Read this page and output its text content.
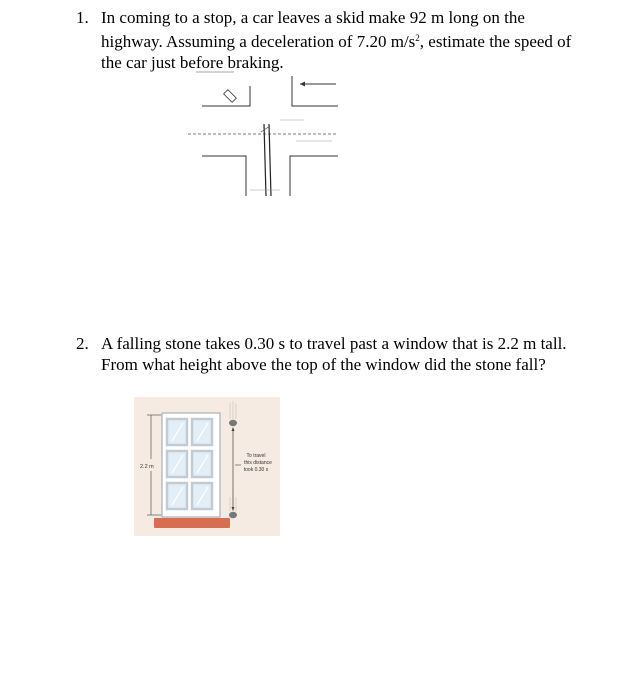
1. In coming to a stop, a car leaves a skid make 92 m long on the highway. Assuming a deceleration of 7.20 $m/s^2$, estimate the speed of the car just before braking.
2. A falling stone takes 0.30 s to travel past a window that is 2.2 m tall. From what height above the top of the window did the stone fall?
2.2 m
To travel
this distance
took 0.30 s
